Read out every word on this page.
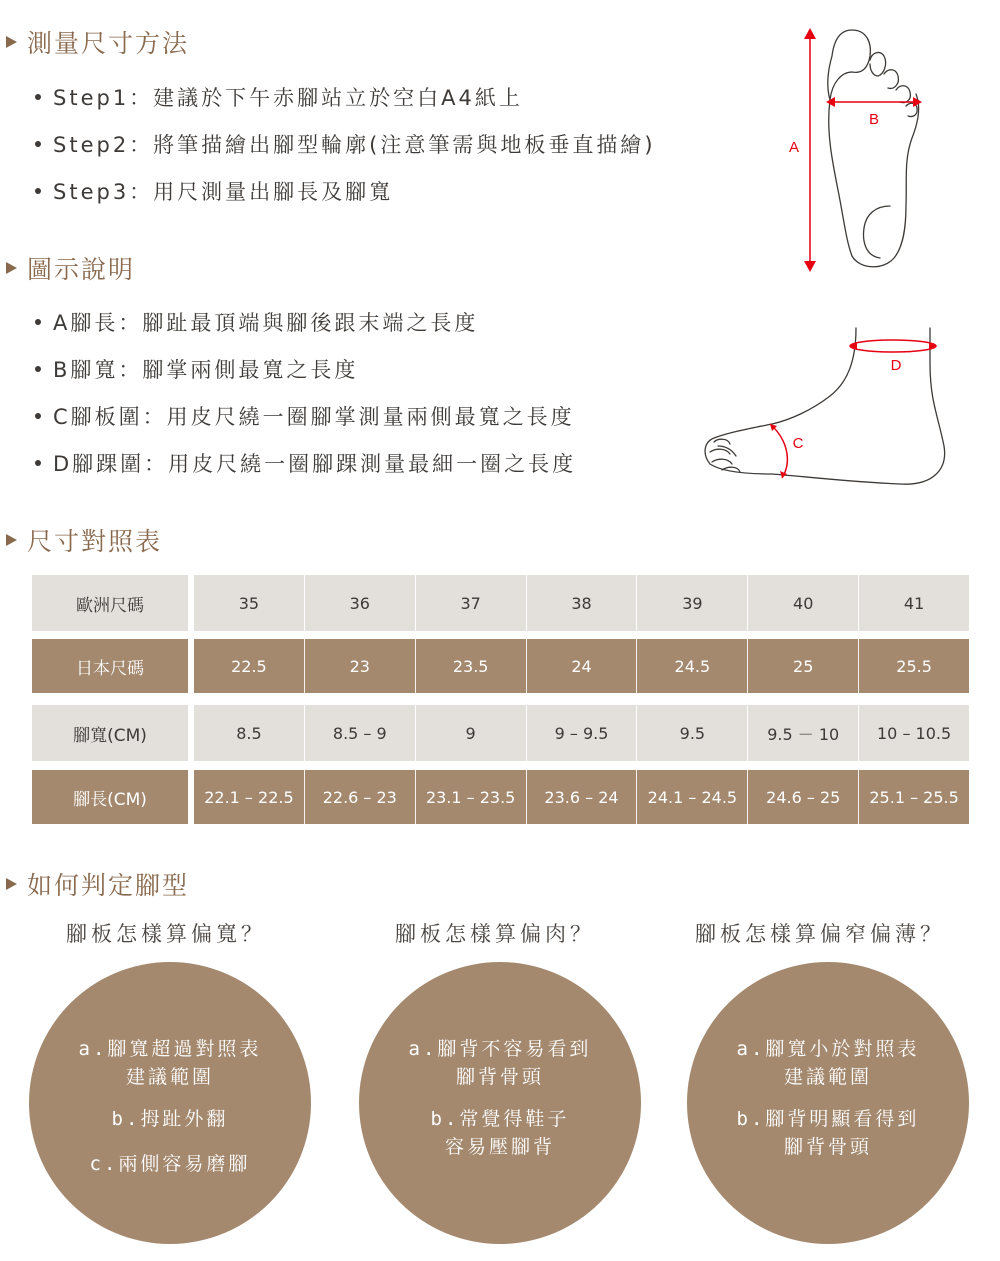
測量尺寸方法
Step1：建議於下午赤腳站立於空白A4紙上
Step2：將筆描繪出腳型輪廓(注意筆需與地板垂直描繪)
Step3：用尺測量出腳長及腳寬
圖示說明
A腳長：腳趾最頂端與腳後跟末端之長度
B腳寬：腳掌兩側最寬之長度
C腳板圍：用皮尺繞一圈腳掌測量兩側最寬之長度
D腳踝圍：用皮尺繞一圈腳踝測量最細一圈之長度
B
A
D
C
尺寸對照表
歐洲尺碼	35	36	37	38	39	40	41
日本尺碼	22.5	23	23.5	24	24.5	25	25.5
腳寬(CM)	8.5	8.5 – 9	9	9 – 9.5	9.5	9.5 － 10	10 – 10.5
腳長(CM)	22.1 – 22.5	22.6 – 23	23.1 – 23.5	23.6 – 24	24.1 – 24.5	24.6 – 25	25.1 – 25.5
如何判定腳型
腳板怎樣算偏寬？	腳板怎樣算偏肉？	腳板怎樣算偏窄偏薄？
a.腳寬超過對照表
建議範圍
b.拇趾外翻
c.兩側容易磨腳
a.腳背不容易看到
腳背骨頭
b.常覺得鞋子
容易壓腳背
a.腳寬小於對照表
建議範圍
b.腳背明顯看得到
腳背骨頭
